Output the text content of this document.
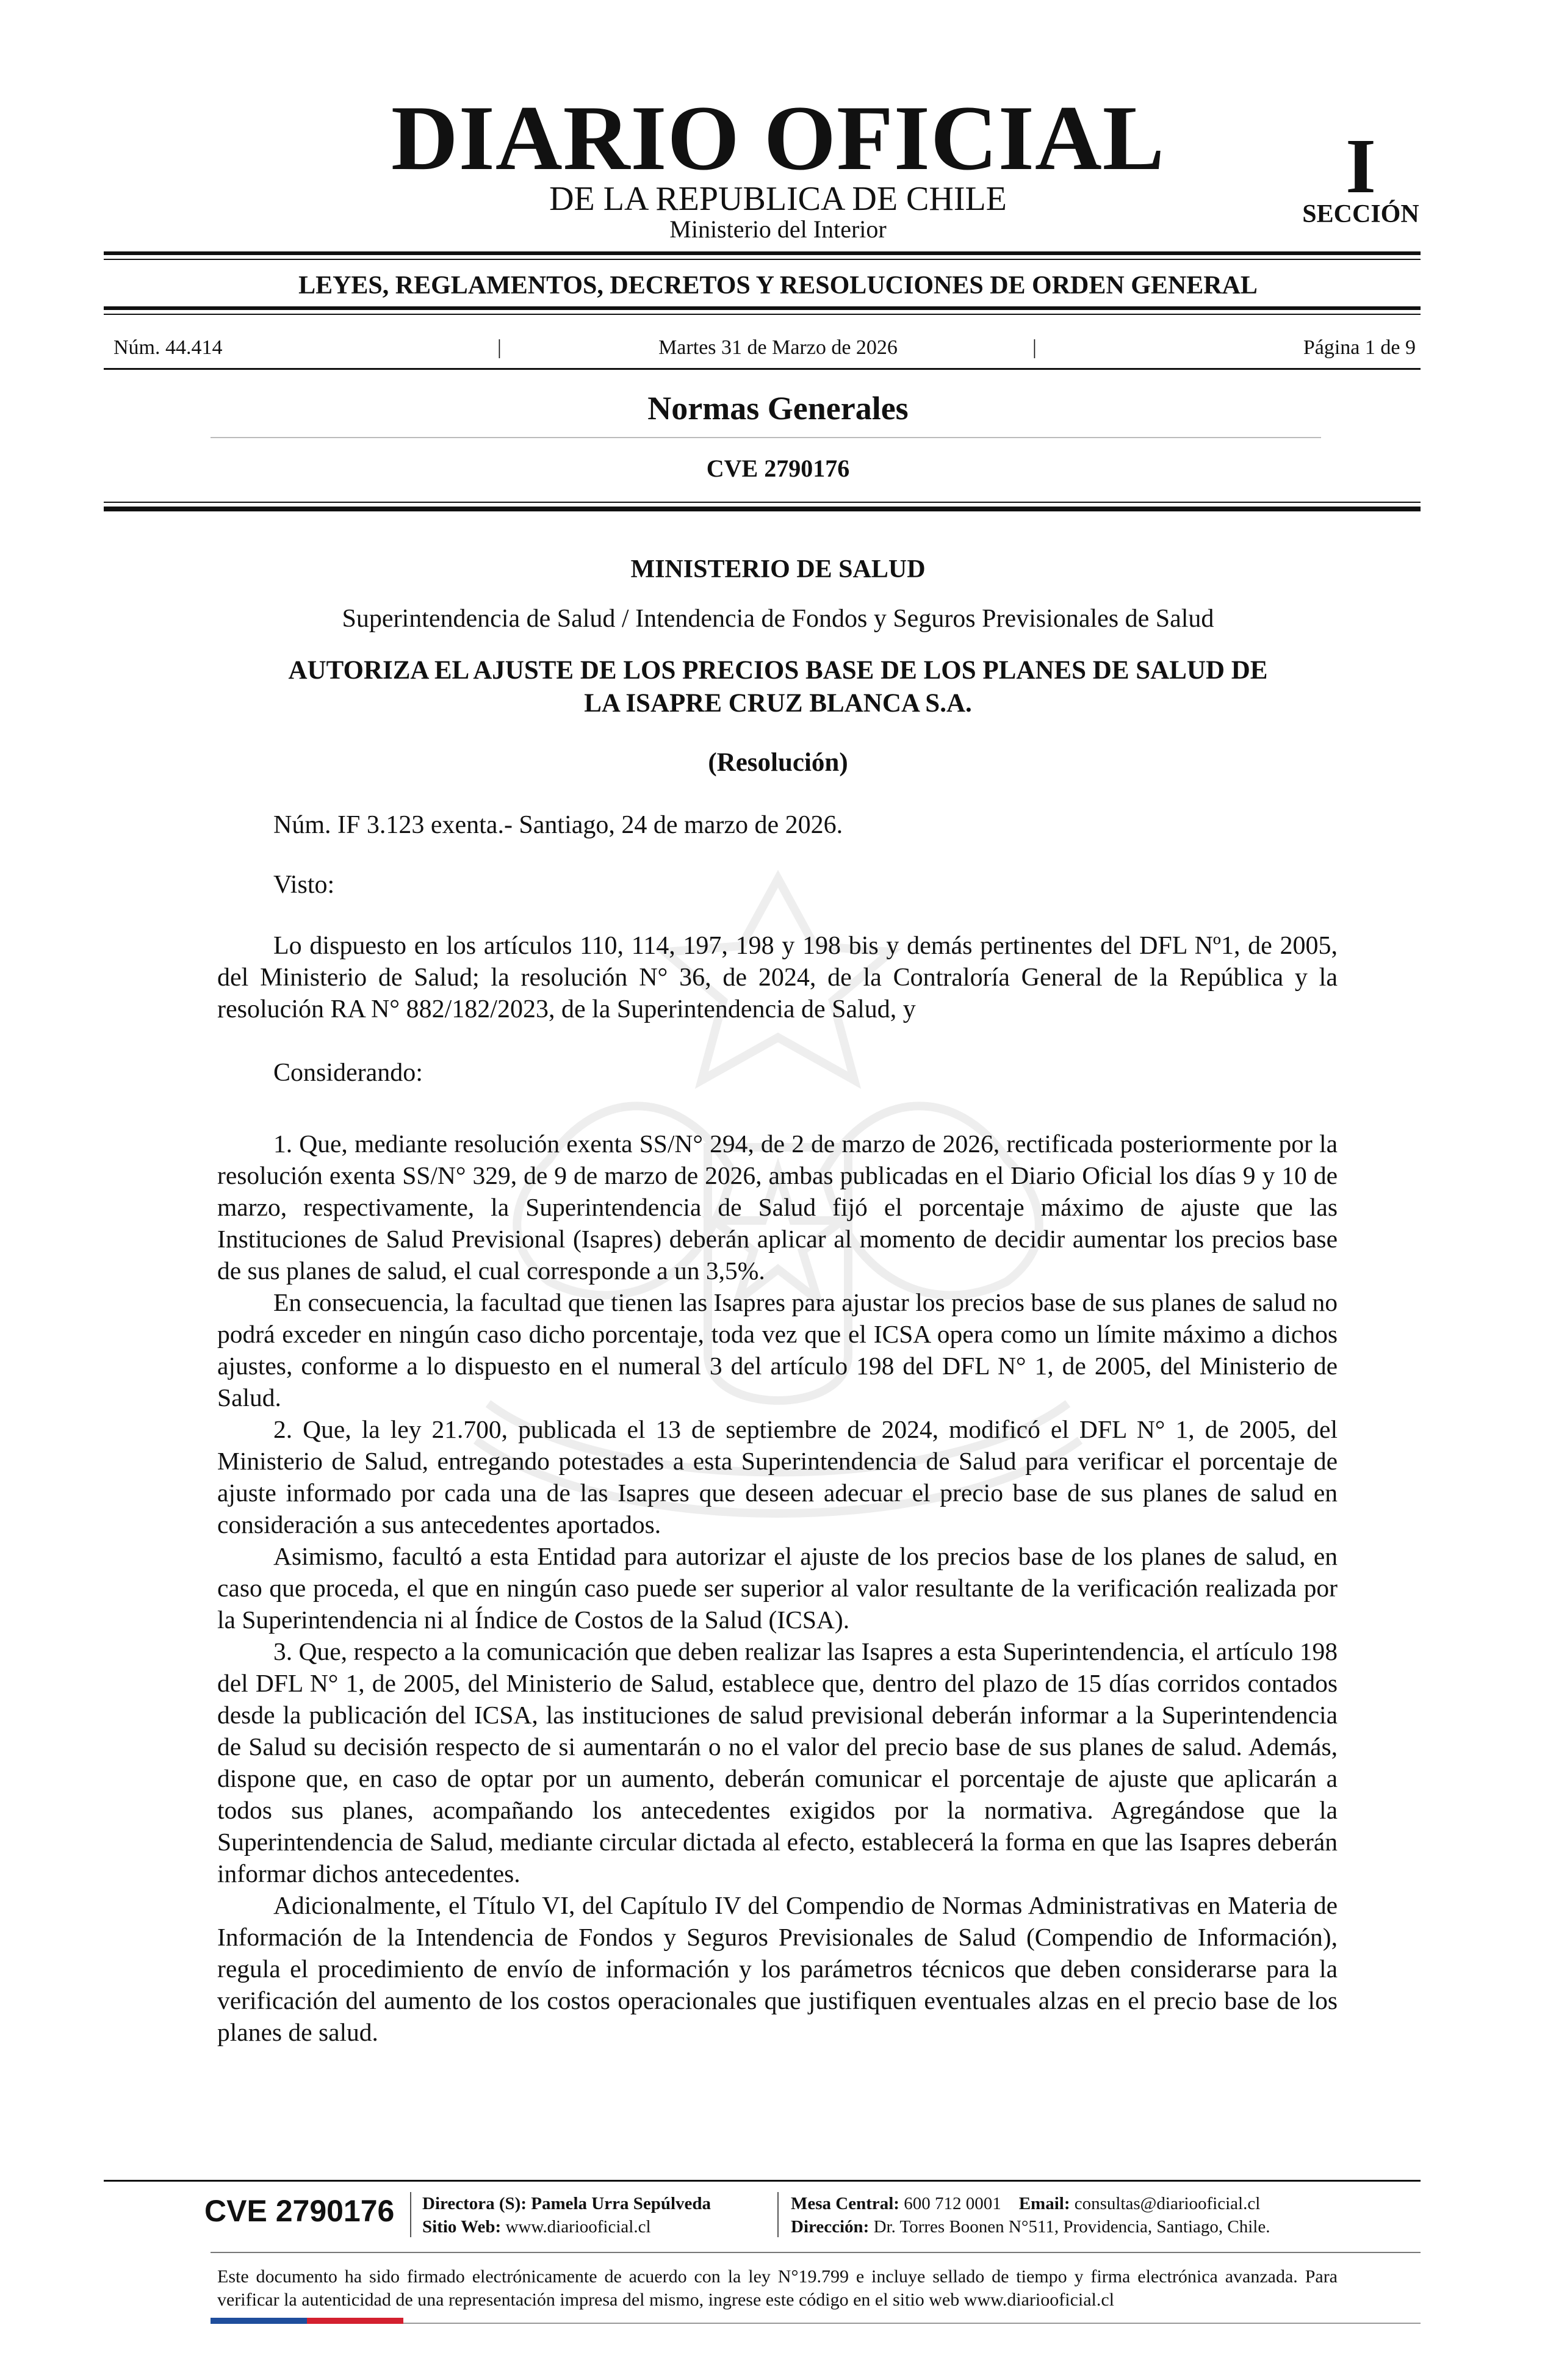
DIARIO OFICIAL
DE LA REPUBLICA DE CHILE
Ministerio del Interior
I
SECCIÓN
LEYES, REGLAMENTOS, DECRETOS Y RESOLUCIONES DE ORDEN GENERAL
Núm. 44.414	|	Martes 31 de Marzo de 2026	|	Página 1 de 9
Normas Generales
CVE 2790176
MINISTERIO DE SALUD
Superintendencia de Salud / Intendencia de Fondos y Seguros Previsionales de Salud
AUTORIZA EL AJUSTE DE LOS PRECIOS BASE DE LOS PLANES DE SALUD DE
LA ISAPRE CRUZ BLANCA S.A.
(Resolución)

Núm. IF 3.123 exenta.- Santiago, 24 de marzo de 2026.

Visto:

Lo dispuesto en los artículos 110, 114, 197, 198 y 198 bis y demás pertinentes del DFL Nº1, de 2005, del Ministerio de Salud; la resolución N° 36, de 2024, de la Contraloría General de la República y la resolución RA N° 882/182/2023, de la Superintendencia de Salud, y

Considerando:

1. Que, mediante resolución exenta SS/N° 294, de 2 de marzo de 2026, rectificada posteriormente por la resolución exenta SS/N° 329, de 9 de marzo de 2026, ambas publicadas en el Diario Oficial los días 9 y 10 de marzo, respectivamente, la Superintendencia de Salud fijó el porcentaje máximo de ajuste que las Instituciones de Salud Previsional (Isapres) deberán aplicar al momento de decidir aumentar los precios base de sus planes de salud, el cual corresponde a un 3,5%.

En consecuencia, la facultad que tienen las Isapres para ajustar los precios base de sus planes de salud no podrá exceder en ningún caso dicho porcentaje, toda vez que el ICSA opera como un límite máximo a dichos ajustes, conforme a lo dispuesto en el numeral 3 del artículo 198 del DFL N° 1, de 2005, del Ministerio de Salud.

2. Que, la ley 21.700, publicada el 13 de septiembre de 2024, modificó el DFL N° 1, de 2005, del Ministerio de Salud, entregando potestades a esta Superintendencia de Salud para verificar el porcentaje de ajuste informado por cada una de las Isapres que deseen adecuar el precio base de sus planes de salud en consideración a sus antecedentes aportados.

Asimismo, facultó a esta Entidad para autorizar el ajuste de los precios base de los planes de salud, en caso que proceda, el que en ningún caso puede ser superior al valor resultante de la verificación realizada por la Superintendencia ni al Índice de Costos de la Salud (ICSA).

3. Que, respecto a la comunicación que deben realizar las Isapres a esta Superintendencia, el artículo 198 del DFL N° 1, de 2005, del Ministerio de Salud, establece que, dentro del plazo de 15 días corridos contados desde la publicación del ICSA, las instituciones de salud previsional deberán informar a la Superintendencia de Salud su decisión respecto de si aumentarán o no el valor del precio base de sus planes de salud. Además, dispone que, en caso de optar por un aumento, deberán comunicar el porcentaje de ajuste que aplicarán a todos sus planes, acompañando los antecedentes exigidos por la normativa. Agregándose que la Superintendencia de Salud, mediante circular dictada al efecto, establecerá la forma en que las Isapres deberán informar dichos antecedentes.

Adicionalmente, el Título VI, del Capítulo IV del Compendio de Normas Administrativas en Materia de Información de la Intendencia de Fondos y Seguros Previsionales de Salud (Compendio de Información), regula el procedimiento de envío de información y los parámetros técnicos que deben considerarse para la verificación del aumento de los costos operacionales que justifiquen eventuales alzas en el precio base de los planes de salud.

CVE 2790176 Directora (S): Pamela Urra Sepúlveda
Sitio Web: www.diariooficial.cl
Mesa Central: 600 712 0001 Email: consultas@diariooficial.cl
Dirección: Dr. Torres Boonen N°511, Providencia, Santiago, Chile.

Este documento ha sido firmado electrónicamente de acuerdo con la ley N°19.799 e incluye sellado de tiempo y firma electrónica avanzada. Para verificar la autenticidad de una representación impresa del mismo, ingrese este código en el sitio web www.diariooficial.cl
